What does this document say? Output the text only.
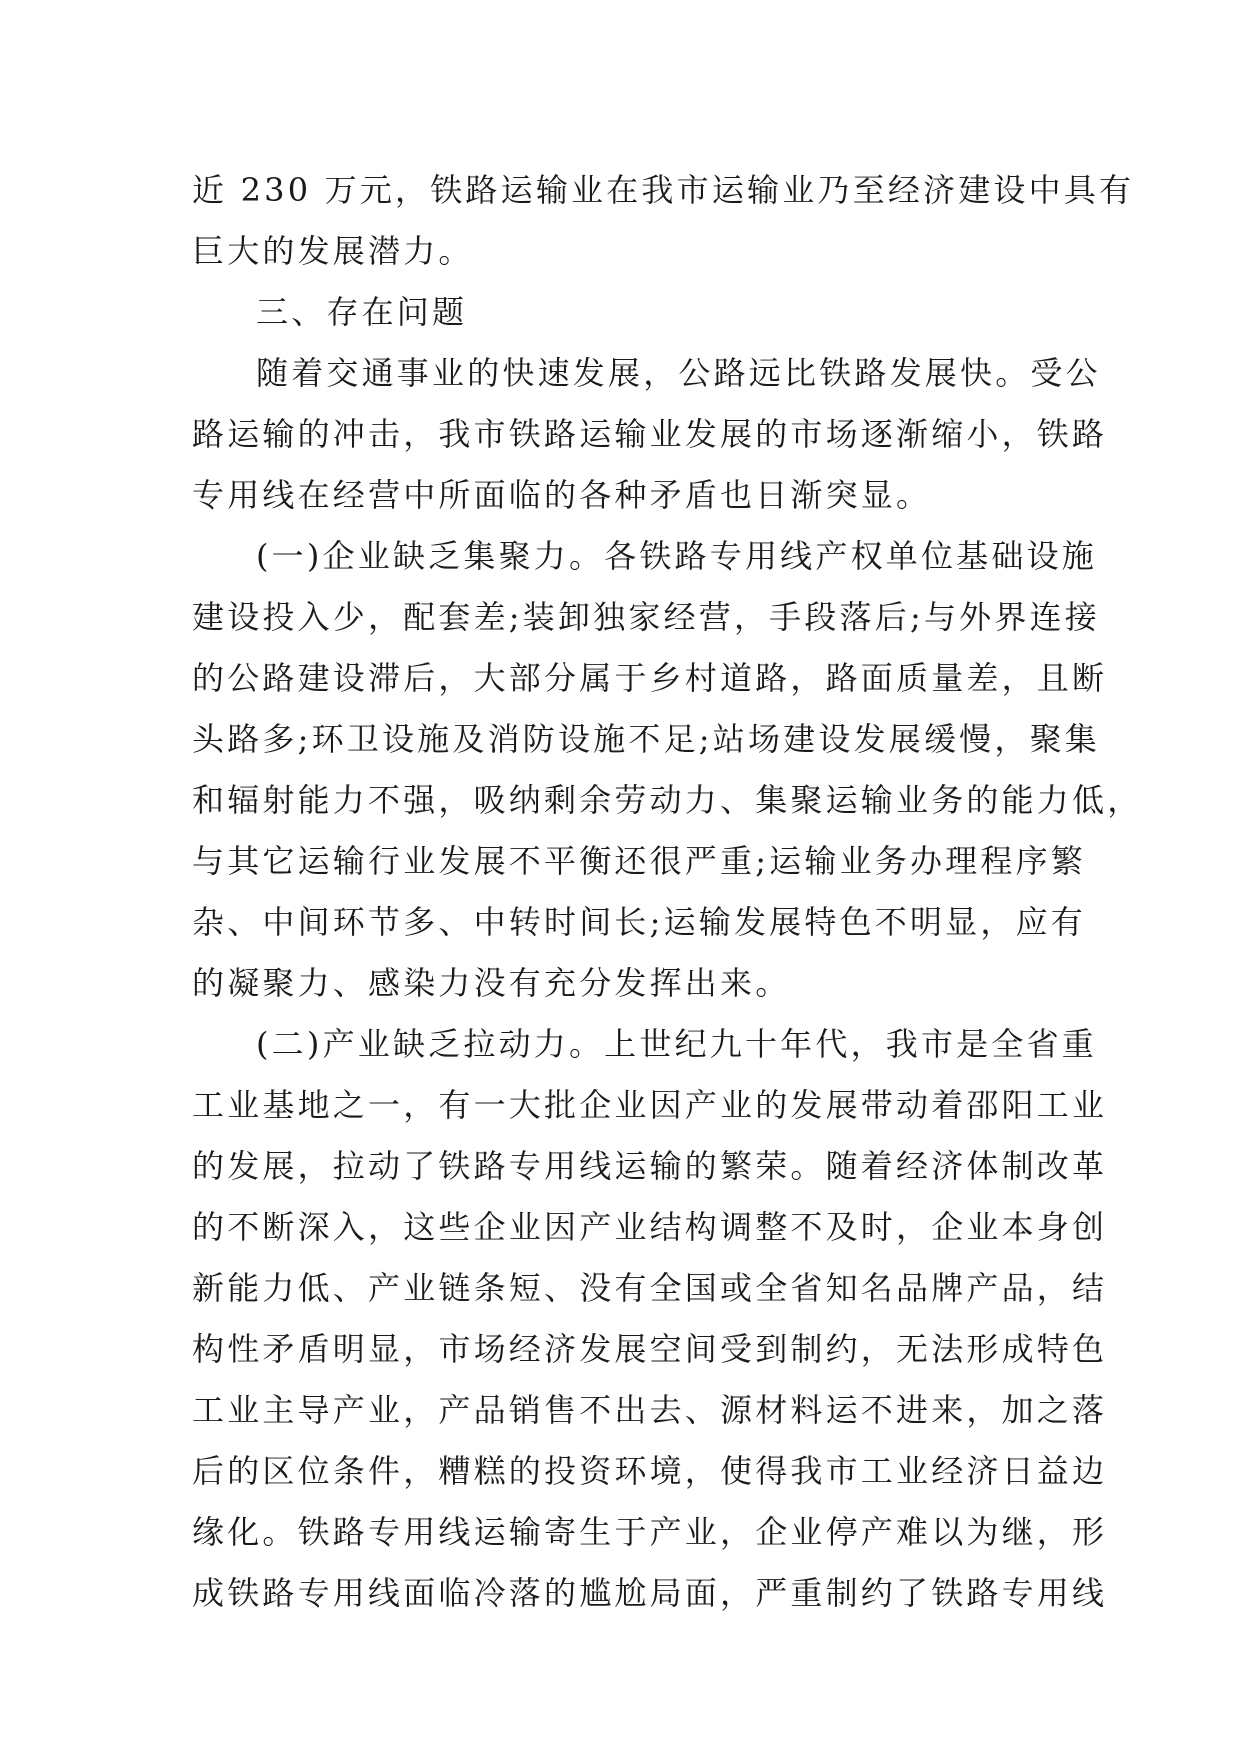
近 230 万元，铁路运输业在我市运输业乃至经济建设中具有
巨大的发展潜力。
三、存在问题
随着交通事业的快速发展，公路远比铁路发展快。受公
路运输的冲击，我市铁路运输业发展的市场逐渐缩小，铁路
专用线在经营中所面临的各种矛盾也日渐突显。
(一)企业缺乏集聚力。各铁路专用线产权单位基础设施
建设投入少，配套差;装卸独家经营，手段落后;与外界连接
的公路建设滞后，大部分属于乡村道路，路面质量差，且断
头路多;环卫设施及消防设施不足;站场建设发展缓慢，聚集
和辐射能力不强，吸纳剩余劳动力、集聚运输业务的能力低，
与其它运输行业发展不平衡还很严重;运输业务办理程序繁
杂、中间环节多、中转时间长;运输发展特色不明显，应有
的凝聚力、感染力没有充分发挥出来。
(二)产业缺乏拉动力。上世纪九十年代，我市是全省重
工业基地之一，有一大批企业因产业的发展带动着邵阳工业
的发展，拉动了铁路专用线运输的繁荣。随着经济体制改革
的不断深入，这些企业因产业结构调整不及时，企业本身创
新能力低、产业链条短、没有全国或全省知名品牌产品，结
构性矛盾明显，市场经济发展空间受到制约，无法形成特色
工业主导产业，产品销售不出去、源材料运不进来，加之落
后的区位条件，糟糕的投资环境，使得我市工业经济日益边
缘化。铁路专用线运输寄生于产业，企业停产难以为继，形
成铁路专用线面临冷落的尴尬局面，严重制约了铁路专用线
